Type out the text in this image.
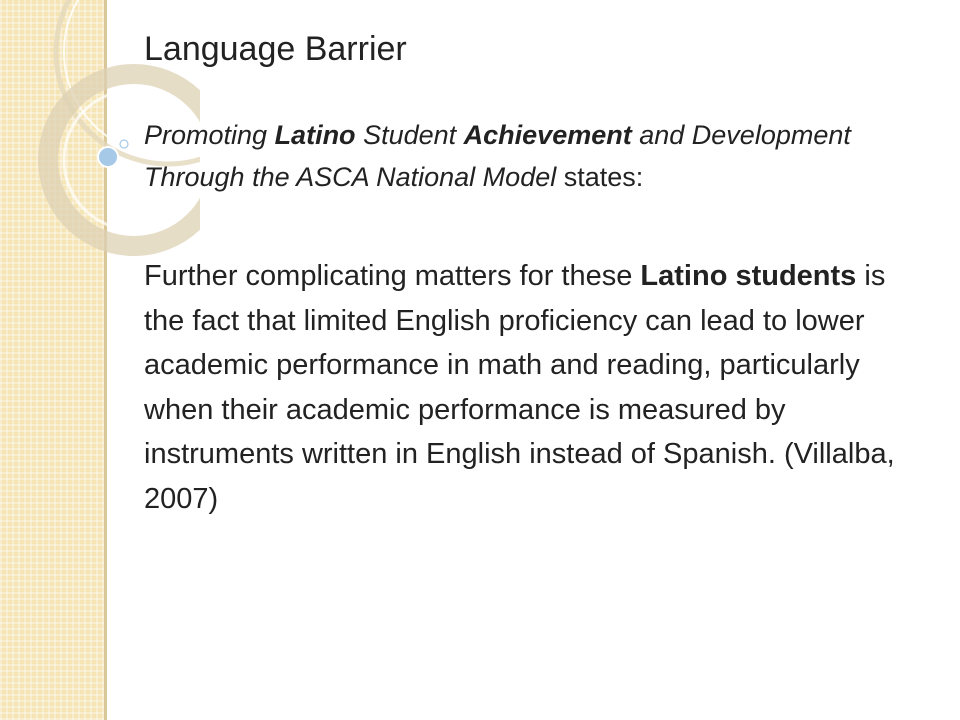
Language Barrier

Promoting Latino Student Achievement and Development Through the ASCA National Model states:

Further complicating matters for these Latino students is the fact that limited English proficiency can lead to lower academic performance in math and reading, particularly when their academic performance is measured by instruments written in English instead of Spanish. (Villalba, 2007)
